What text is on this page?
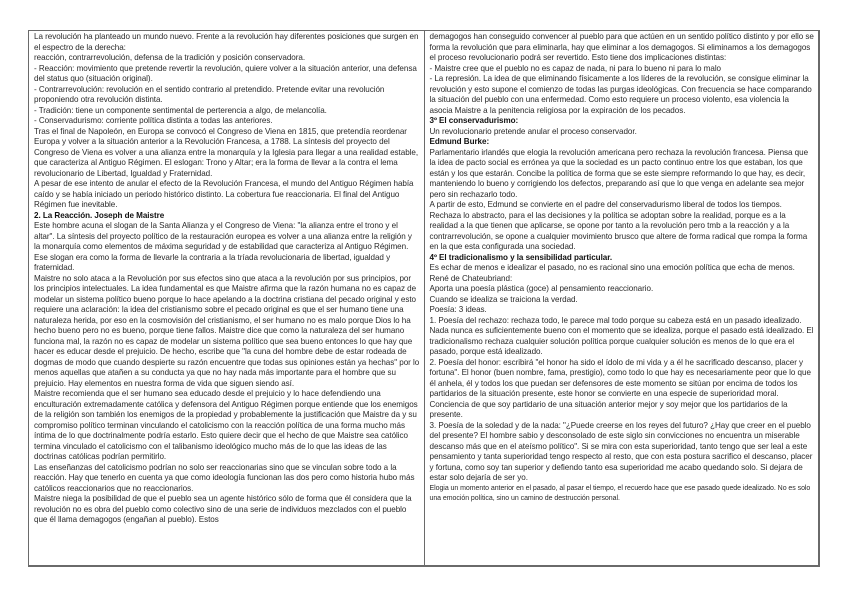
La revolución ha planteado un mundo nuevo. Frente a la revolución hay diferentes posiciones que surgen en el espectro de la derecha:

reacción, contrarrevolución, defensa de la tradición y posición conservadora.

- Reacción: movimiento que pretende revertir la revolución, quiere volver a la situación anterior, una defensa del status quo (situación original).

- Contrarrevolución: revolución en el sentido contrario al pretendido. Pretende evitar una revolución proponiendo otra revolución distinta.

- Tradición: tiene un componente sentimental de perterencia a algo, de melancolía.

- Conservadurismo: corriente política distinta a todas las anteriores.

Tras el final de Napoleón, en Europa se convocó el Congreso de Viena en 1815, que pretendía reordenar Europa y volver a la situación anterior a la Revolución Francesa, a 1788. La síntesis del proyecto del Congreso de Viena es volver a una alianza entre la monarquía y la Iglesia para llegar a una realidad estable, que caracteriza al Antiguo Régimen. El eslogan: Trono y Altar; era la forma de llevar a la contra el lema revolucionario de Libertad, Igualdad y Fraternidad.

A pesar de ese intento de anular el efecto de la Revolución Francesa, el mundo del Antiguo Régimen había caído y se había iniciado un periodo histórico distinto. La cobertura fue reaccionaria. El final del Antiguo Régimen fue inevitable.

2. La Reacción. Joseph de Maistre

Este hombre acuna el slogan de la Santa Alianza y el Congreso de Viena: "la alianza entre el trono y el altar". La síntesis del proyecto político de la restauración europea es volver a una alianza entre la religión y la monarquía como elementos de máxima seguridad y de estabilidad que caracteriza al Antiguo Régimen. Ese slogan era como la forma de llevarle la contraria a la tríada revolucionaria de libertad, igualdad y fraternidad.

Maistre no solo ataca a la Revolución por sus efectos sino que ataca a la revolución por sus principios, por los principios intelectuales. La idea fundamental es que Maistre afirma que la razón humana no es capaz de modelar un sistema político bueno porque lo hace apelando a la doctrina cristiana del pecado original y esto requiere una aclaración: la idea del cristianismo sobre el pecado original es que el ser humano tiene una naturaleza herida, por eso en la cosmovisión del cristianismo, el ser humano no es malo porque Dios lo ha hecho bueno pero no es bueno, porque tiene fallos. Maistre dice que como la naturaleza del ser humano funciona mal, la razón no es capaz de modelar un sistema político que sea bueno entonces lo que hay que hacer es educar desde el prejuicio. De hecho, escribe que "la cuna del hombre debe de estar rodeada de dogmas de modo que cuando despierte su razón encuentre que todas sus opiniones están ya hechas" por lo menos aquellas que atañen a su conducta ya que no hay nada más importante para el hombre que su prejuicio. Hay elementos en nuestra forma de vida que siguen siendo así.

Maistre recomienda que el ser humano sea educado desde el prejuicio y lo hace defendiendo una enculturación extremadamente católica y defensora del Antiguo Régimen porque entiende que los enemigos de la religión son también los enemigos de la propiedad y probablemente la justificación que Maistre da y su compromiso político terminan vinculando el catolicismo con la reacción política de una forma mucho más íntima de lo que doctrinalmente podría estarlo. Esto quiere decir que el hecho de que Maistre sea católico termina vinculado el catolicismo con el talibanismo ideológico mucho más de lo que las ideas de las doctrinas católicas podrían permitirlo.

Las enseñanzas del catolicismo podrían no solo ser reaccionarias sino que se vinculan sobre todo a la reacción. Hay que tenerlo en cuenta ya que como ideología funcionan las dos pero como historia hubo más católicos reaccionarios que no reaccionarios.

Maistre niega la posibilidad de que el pueblo sea un agente histórico sólo de forma que él considera que la revolución no es obra del pueblo como colectivo sino de una serie de individuos mezclados con el pueblo que él llama demagogos (engañan al pueblo). Estos

demagogos han conseguido convencer al pueblo para que actúen en un sentido político distinto y por ello se forma la revolución que para eliminarla, hay que eliminar a los demagogos. Si eliminamos a los demagogos el proceso revolucionario podrá ser revertido. Esto tiene dos implicaciones distintas:

- Maistre cree que el pueblo no es capaz de nada, ni para lo bueno ni para lo malo

- La represión. La idea de que eliminando físicamente a los líderes de la revolución, se consigue eliminar la revolución y esto supone el comienzo de todas las purgas ideológicas. Con frecuencia se hace comparando la situación del pueblo con una enfermedad. Como esto requiere un proceso violento, esa violencia la asocia Maistre a la penitencia religiosa por la expiración de los pecados.

3º El conservadurismo:

Un revolucionario pretende anular el proceso conservador.

Edmund Burke:

Parlamentario irlandés que elogia la revolución americana pero rechaza la revolución francesa. Piensa que la idea de pacto social es errónea ya que la sociedad es un pacto continuo entre los que estaban, los que están y los que estarán. Concibe la política de forma que se este siempre reformando lo que hay, es decir, manteniendo lo bueno y corrigiendo los defectos, preparando así que lo que venga en adelante sea mejor pero sin rechazarlo todo.

A partir de esto, Edmund se convierte en el padre del conservadurismo liberal de todos los tiempos.

Rechaza lo abstracto, para el las decisiones y la política se adoptan sobre la realidad, porque es a la realidad a la que tienen que aplicarse, se opone por tanto a la revolución pero tmb a la reacción y a la contrarrevolución, se opone a cualquier movimiento brusco que altere de forma radical que rompa la forma en la que esta configurada una sociedad.

4º El tradicionalismo y la sensibilidad particular.

Es echar de menos e idealizar el pasado, no es racional sino una emoción política que echa de menos.

René de Chateubriand:

Aporta una poesía plástica (goce) al pensamiento reaccionario.

Cuando se idealiza se traiciona la verdad.

Poesía: 3 ideas.

1. Poesía del rechazo: rechaza todo, le parece mal todo porque su cabeza está en un pasado idealizado. Nada nunca es suficientemente bueno con el momento que se idealiza, porque el pasado está idealizado. El tradicionalismo rechaza cualquier solución política porque cualquier solución es menos de lo que era el pasado, porque está idealizado.

2. Poesía del honor: escribirá "el honor ha sido el ídolo de mi vida y a él he sacrificado descanso, placer y fortuna". El honor (buen nombre, fama, prestigio), como todo lo que hay es necesariamente peor que lo que él anhela, él y todos los que puedan ser defensores de este momento se sitúan por encima de todos los partidarios de la situación presente, este honor se convierte en una especie de superioridad moral. Conciencia de que soy partidario de una situación anterior mejor y soy mejor que los partidarios de la presente.

3. Poesía de la soledad y de la nada: "¿Puede creerse en los reyes del futuro? ¿Hay que creer en el pueblo del presente? El hombre sabio y desconsolado de este siglo sin convicciones no encuentra un miserable descanso más que en el ateísmo político". Si se mira con esta superioridad, tanto tengo que ser leal a este pensamiento y tanta superioridad tengo respecto al resto, que con esta postura sacrifico el descanso, placer y fortuna, como soy tan superior y defiendo tanto esa superioridad me acabo quedando solo. Si dejara de estar solo dejaría de ser yo.

Elogia un momento anterior en el pasado, al pasar el tiempo, el recuerdo hace que ese pasado quede idealizado. No es solo una emoción política, sino un camino de destrucción personal.
